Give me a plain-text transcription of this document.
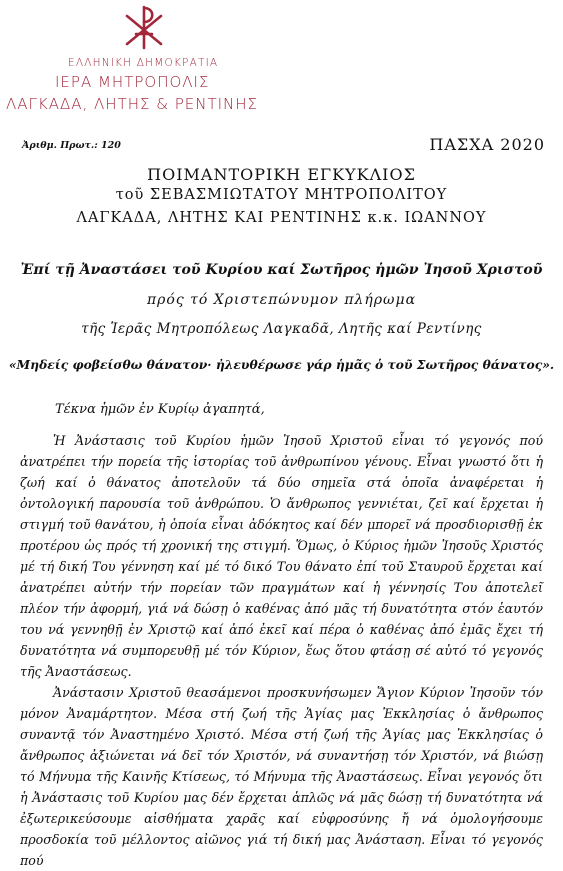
ΕΛΛΗΝΙΚΗ ΔΗΜΟΚΡΑΤΙΑ
ΙΕΡΑ ΜΗΤΡΟΠΟΛΙΣ
ΛΑΓΚΑΔΑ, ΛΗΤΗΣ & ΡΕΝΤΙΝΗΣ
Ἀριθμ. Πρωτ.: 120	ΠΑΣΧΑ 2020
ΠΟΙΜΑΝΤΟΡΙΚΗ ΕΓΚΥΚΛΙΟΣ
τοῦ ΣΕΒΑΣΜΙΩΤΑΤΟΥ ΜΗΤΡΟΠΟΛΙΤΟΥ
ΛΑΓΚΑΔΑ, ΛΗΤΗΣ ΚΑΙ ΡΕΝΤΙΝΗΣ κ.κ. ΙΩΑΝΝΟΥ
Ἐπί τῇ Ἀναστάσει τοῦ Κυρίου καί Σωτῆρος ἡμῶν Ἰησοῦ Χριστοῦ
πρός τό Χριστεπώνυμον πλήρωμα
τῆς Ἱερᾶς Μητροπόλεως Λαγκαδᾶ, Λητῆς καί Ρεντίνης
«Μηδείς φοβείσθω θάνατον· ἠλευθέρωσε γάρ ἡμᾶς ὁ τοῦ Σωτῆρος θάνατος».
Τέκνα ἡμῶν ἐν Κυρίῳ ἀγαπητά,
Ἡ Ἀνάστασις τοῦ Κυρίου ἡμῶν Ἰησοῦ Χριστοῦ εἶναι τό γεγονός πού ἀνατρέπει τήν πορεία τῆς ἱστορίας τοῦ ἀνθρωπίνου γένους. Εἶναι γνωστό ὅτι ἡ ζωή καί ὁ θάνατος ἀποτελοῦν τά δύο σημεῖα στά ὁποῖα ἀναφέρεται ἡ ὀντολογική παρουσία τοῦ ἀνθρώπου. Ὁ ἄνθρωπος γεννιέται, ζεῖ καί ἔρχεται ἡ στιγμή τοῦ θανάτου, ἡ ὁποία εἶναι ἀδόκητος καί δέν μπορεῖ νά προσδιορισθῇ ἐκ προτέρου ὡς πρός τή χρονική της στιγμή. Ὅμως, ὁ Κύριος ἡμῶν Ἰησοῦς Χριστός μέ τή δική Του γέννηση καί μέ τό δικό Του θάνατο ἐπί τοῦ Σταυροῦ ἔρχεται καί ἀνατρέπει αὐτήν τήν πορείαν τῶν πραγμάτων καί ἡ γέννησίς Του ἀποτελεῖ πλέον τήν ἀφορμή, γιά νά δώσῃ ὁ καθένας ἀπό μᾶς τή δυνατότητα στόν ἑαυτόν του νά γεννηθῇ ἐν Χριστῷ καί ἀπό ἐκεῖ καί πέρα ὁ καθένας ἀπό ἐμᾶς ἔχει τή δυνατότητα νά συμπορευθῇ μέ τόν Κύριον, ἕως ὅτου φτάσῃ σέ αὐτό τό γεγονός τῆς Ἀναστάσεως.
Ἀνάστασιν Χριστοῦ θεασάμενοι προσκυνήσωμεν Ἅγιον Κύριον Ἰησοῦν τόν μόνον Ἀναμάρτητον. Μέσα στή ζωή τῆς Ἁγίας μας Ἐκκλησίας ὁ ἄνθρωπος συναντᾷ τόν Ἀναστημένο Χριστό. Μέσα στή ζωή τῆς Ἁγίας μας Ἐκκλησίας ὁ ἄνθρωπος ἀξιώνεται νά δεῖ τόν Χριστόν, νά συναντήσῃ τόν Χριστόν, νά βιώσῃ τό Μήνυμα τῆς Καινῆς Κτίσεως, τό Μήνυμα τῆς Ἀναστάσεως. Εἶναι γεγονός ὅτι ἡ Ἀνάστασις τοῦ Κυρίου μας δέν ἔρχεται ἁπλῶς νά μᾶς δώσῃ τή δυνατότητα νά ἐξωτερικεύσουμε αἰσθήματα χαρᾶς καί εὐφροσύνης ἤ νά ὁμολογήσουμε προσδοκία τοῦ μέλλοντος αἰῶνος γιά τή δική μας Ἀνάσταση. Εἶναι τό γεγονός πού
